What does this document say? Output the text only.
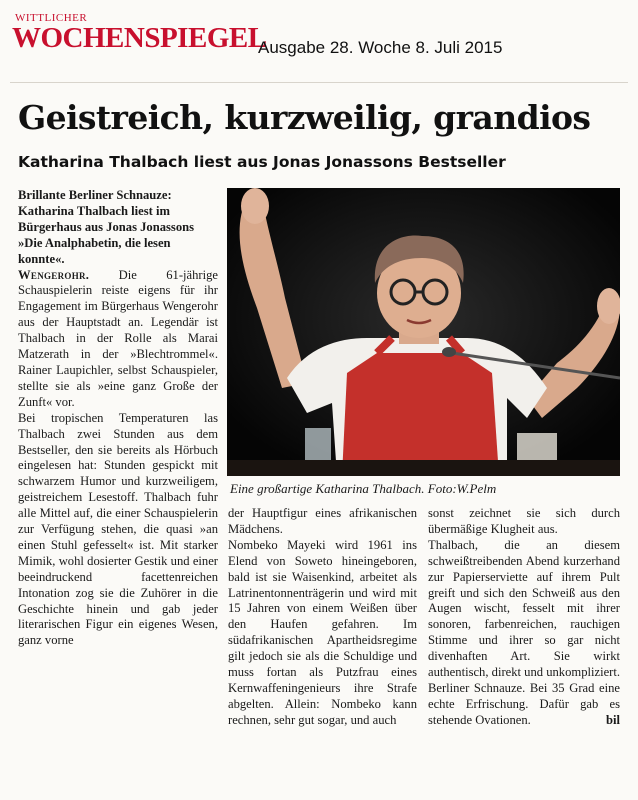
WITTLICHER
WOCHENSPIEGEL
Ausgabe 28. Woche 8. Juli 2015
Geistreich, kurzweilig, grandios
Katharina Thalbach liest aus Jonas Jonassons Bestseller

Brillante Berliner Schnauze: Katharina Thalbach liest im Bürgerhaus aus Jonas Jonassons »Die Analphabetin, die lesen konnte«.

Wengerohr. Die 61-jährige Schauspielerin reiste eigens für ihr Engagement im Bürgerhaus Wengerohr aus der Hauptstadt an. Legendär ist Thalbach in der Rolle als Marai Matzerath in der »Blechtrommel«. Rainer Laupichler, selbst Schauspieler, stellte sie als »eine ganz Große der Zunft« vor.

Bei tropischen Temperaturen las Thalbach zwei Stunden aus dem Bestseller, den sie bereits als Hörbuch eingelesen hat: Stunden gespickt mit schwarzem Humor und kurzweiligem, geistreichem Lesestoff. Thalbach fuhr alle Mittel auf, die einer Schauspielerin zur Verfügung stehen, die quasi »an einen Stuhl gefesselt« ist. Mit starker Mimik, wohl dosierter Gestik und einer beeindruckend facettenreichen Intonation zog sie die Zuhörer in die Geschichte hinein und gab jeder literarischen Figur ein eigenes Wesen, ganz vorne

Eine großartige Katharina Thalbach. Foto:W.Pelm

der Hauptfigur eines afrikanischen Mädchens.

Nombeko Mayeki wird 1961 ins Elend von Soweto hineingeboren, bald ist sie Waisenkind, arbeitet als Latrinentonnenträgerin und wird mit 15 Jahren von einem Weißen über den Haufen gefahren. Im südafrikanischen Apartheidsregime gilt jedoch sie als die Schuldige und muss fortan als Putzfrau eines Kernwaffeningenieurs ihre Strafe abgelten. Allein: Nombeko kann rechnen, sehr gut sogar, und auch

sonst zeichnet sie sich durch übermäßige Klugheit aus.

Thalbach, die an diesem schweißtreibenden Abend kurzerhand zur Papierserviette auf ihrem Pult greift und sich den Schweiß aus den Augen wischt, fesselt mit ihrer sonoren, farbenreichen, rauchigen Stimme und ihrer so gar nicht divenhaften Art. Sie wirkt authentisch, direkt und unkompliziert. Berliner Schnauze. Bei 35 Grad eine echte Erfrischung. Dafür gab es stehende Ovationen.	bil
